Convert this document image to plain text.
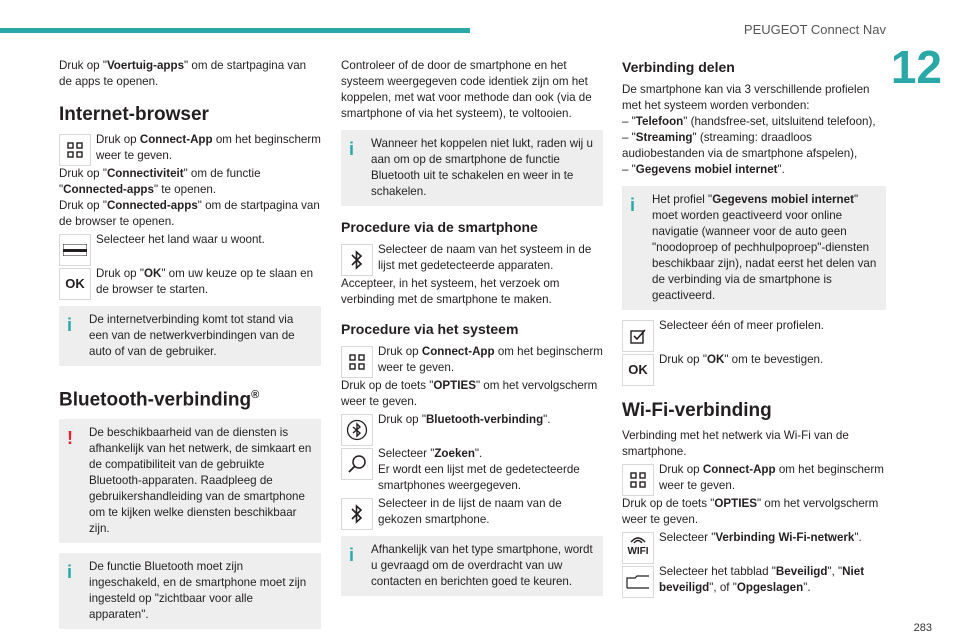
PEUGEOT Connect Nav
12

Druk op "Voertuig-apps" om de startpagina van de apps te openen.

Internet-browser
Druk op Connect-App om het beginscherm weer te geven.

Druk op "Connectiviteit" om de functie

"Connected-apps" te openen.

Druk op "Connected-apps" om de startpagina van de browser te openen.

Selecteer het land waar u woont.
OK
Druk op "OK" om uw keuze op te slaan en de browser te starten.
i	De internetverbinding komt tot stand via een van de netwerkverbindingen van de auto of van de gebruiker.
Bluetooth-verbinding®
!	De beschikbaarheid van de diensten is afhankelijk van het netwerk, de simkaart en de compatibiliteit van de gebruikte Bluetooth-apparaten. Raadpleeg de gebruikershandleiding van de smartphone om te kijken welke diensten beschikbaar zijn.
i	De functie Bluetooth moet zijn ingeschakeld, en de smartphone moet zijn ingesteld op "zichtbaar voor alle apparaten".

Controleer of de door de smartphone en het systeem weergegeven code identiek zijn om het koppelen, met wat voor methode dan ook (via de smartphone of via het systeem), te voltooien.

i	Wanneer het koppelen niet lukt, raden wij u aan om op de smartphone de functie Bluetooth uit te schakelen en weer in te schakelen.
Procedure via de smartphone
Selecteer de naam van het systeem in de lijst met gedetecteerde apparaten.

Accepteer, in het systeem, het verzoek om verbinding met de smartphone te maken.

Procedure via het systeem
Druk op Connect-App om het beginscherm weer te geven.

Druk op de toets "OPTIES" om het vervolgscherm weer te geven.

Druk op "Bluetooth-verbinding".
Selecteer "Zoeken".
Er wordt een lijst met de gedetecteerde smartphones weergegeven.
Selecteer in de lijst de naam van de gekozen smartphone.
i	Afhankelijk van het type smartphone, wordt u gevraagd om de overdracht van uw contacten en berichten goed te keuren.
Verbinding delen

De smartphone kan via 3 verschillende profielen met het systeem worden verbonden:

– "Telefoon" (handsfree-set, uitsluitend telefoon),

– "Streaming" (streaming: draadloos audiobestanden via de smartphone afspelen),

– "Gegevens mobiel internet".

i	Het profiel "Gegevens mobiel internet" moet worden geactiveerd voor online navigatie (wanneer voor de auto geen "noodoproep of pechhulpoproep"-diensten beschikbaar zijn), nadat eerst het delen van de verbinding via de smartphone is geactiveerd.
Selecteer één of meer profielen.
OK
Druk op "OK" om te bevestigen.
Wi-Fi-verbinding

Verbinding met het netwerk via Wi-Fi van de smartphone.

Druk op Connect-App om het beginscherm weer te geven.

Druk op de toets "OPTIES" om het vervolgscherm weer te geven.

WIFI
Selecteer "Verbinding Wi-Fi-netwerk".
Selecteer het tabblad "Beveiligd", "Niet beveiligd", of "Opgeslagen".
283
